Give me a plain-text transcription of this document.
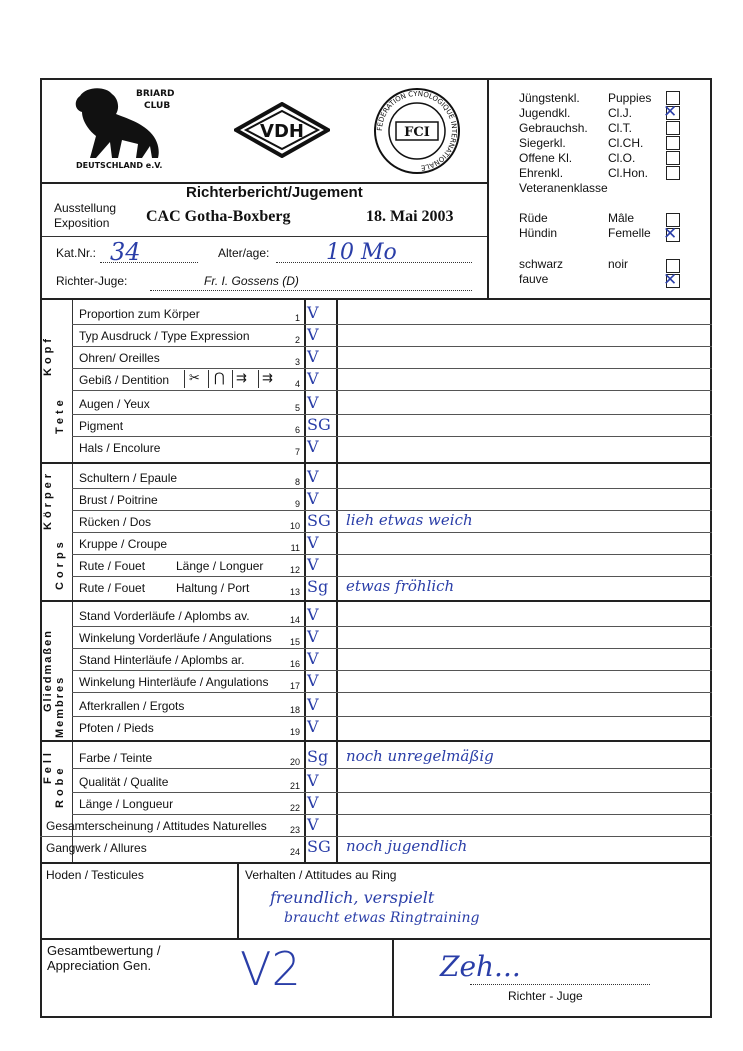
BRIARD
CLUB
DEUTSCHLAND e.V.
VDH	FEDERATION CYNOLOGIQUE INTERNATIONALE
FCI
Jüngstenkl. Puppies
Jugendkl.	Cl.J. ✕
Gebrauchsh. Cl.T.
Siegerkl.	Cl.CH.
Offene Kl.	Cl.O.
Ehrenkl.	Cl.Hon.
Veteranenklasse
Rüde	Mâle
Hündin	Femelle ✕
schwarz	noir
fauve	✕
Richterbericht/Jugement
Ausstellung
Exposition CAC Gotha-Boxberg	18. Mai 2003
Kat.Nr.: 34	Alter/age:	10 Mo
Richter-Juge:	Fr. I. Gossens (D)
Proportion zum Körper	1 V
Typ Ausdruck / Type Expression	2 V
Ohren/ Oreilles	3 V
Gebiß / Dentition	4 V
Augen / Yeux	5 V
Pigment	6 SG
Hals / Encolure	7 V
Schultern / Epaule	8 V
Brust / Poitrine	9 V
Rücken / Dos	10 SG lieh etwas weich
Kruppe / Croupe	11 V
Rute / Fouet	Länge / Longuer	12 V
Rute / Fouet	Haltung / Port	13 Sg etwas fröhlich
Stand Vorderläufe / Aplombs av.	14 V
Winkelung Vorderläufe / Angulations	15 V
Stand Hinterläufe / Aplombs ar.	16 V
Winkelung Hinterläufe / Angulations	17 V
Afterkrallen / Ergots	18 V
Pfoten / Pieds	19 V
Farbe / Teinte	20 Sg noch unregelmäßig
Qualität / Qualite	21 V
Länge / Longueur	22 V
Gesamterscheinung / Attitudes Naturelles	23 V
Gangwerk / Allures	24 SG noch jugendlich
Kopf
Tete
Körper
Corps
Gliedmaßen Membres
Fell Robe
✂ ⋂ ⇉ ⇉
Hoden / Testicules	Verhalten / Attitudes au Ring
freundlich, verspielt
braucht etwas Ringtraining
Gesamtbewertung /
Appreciation Gen. V2	Zeh...
Richter - Juge
